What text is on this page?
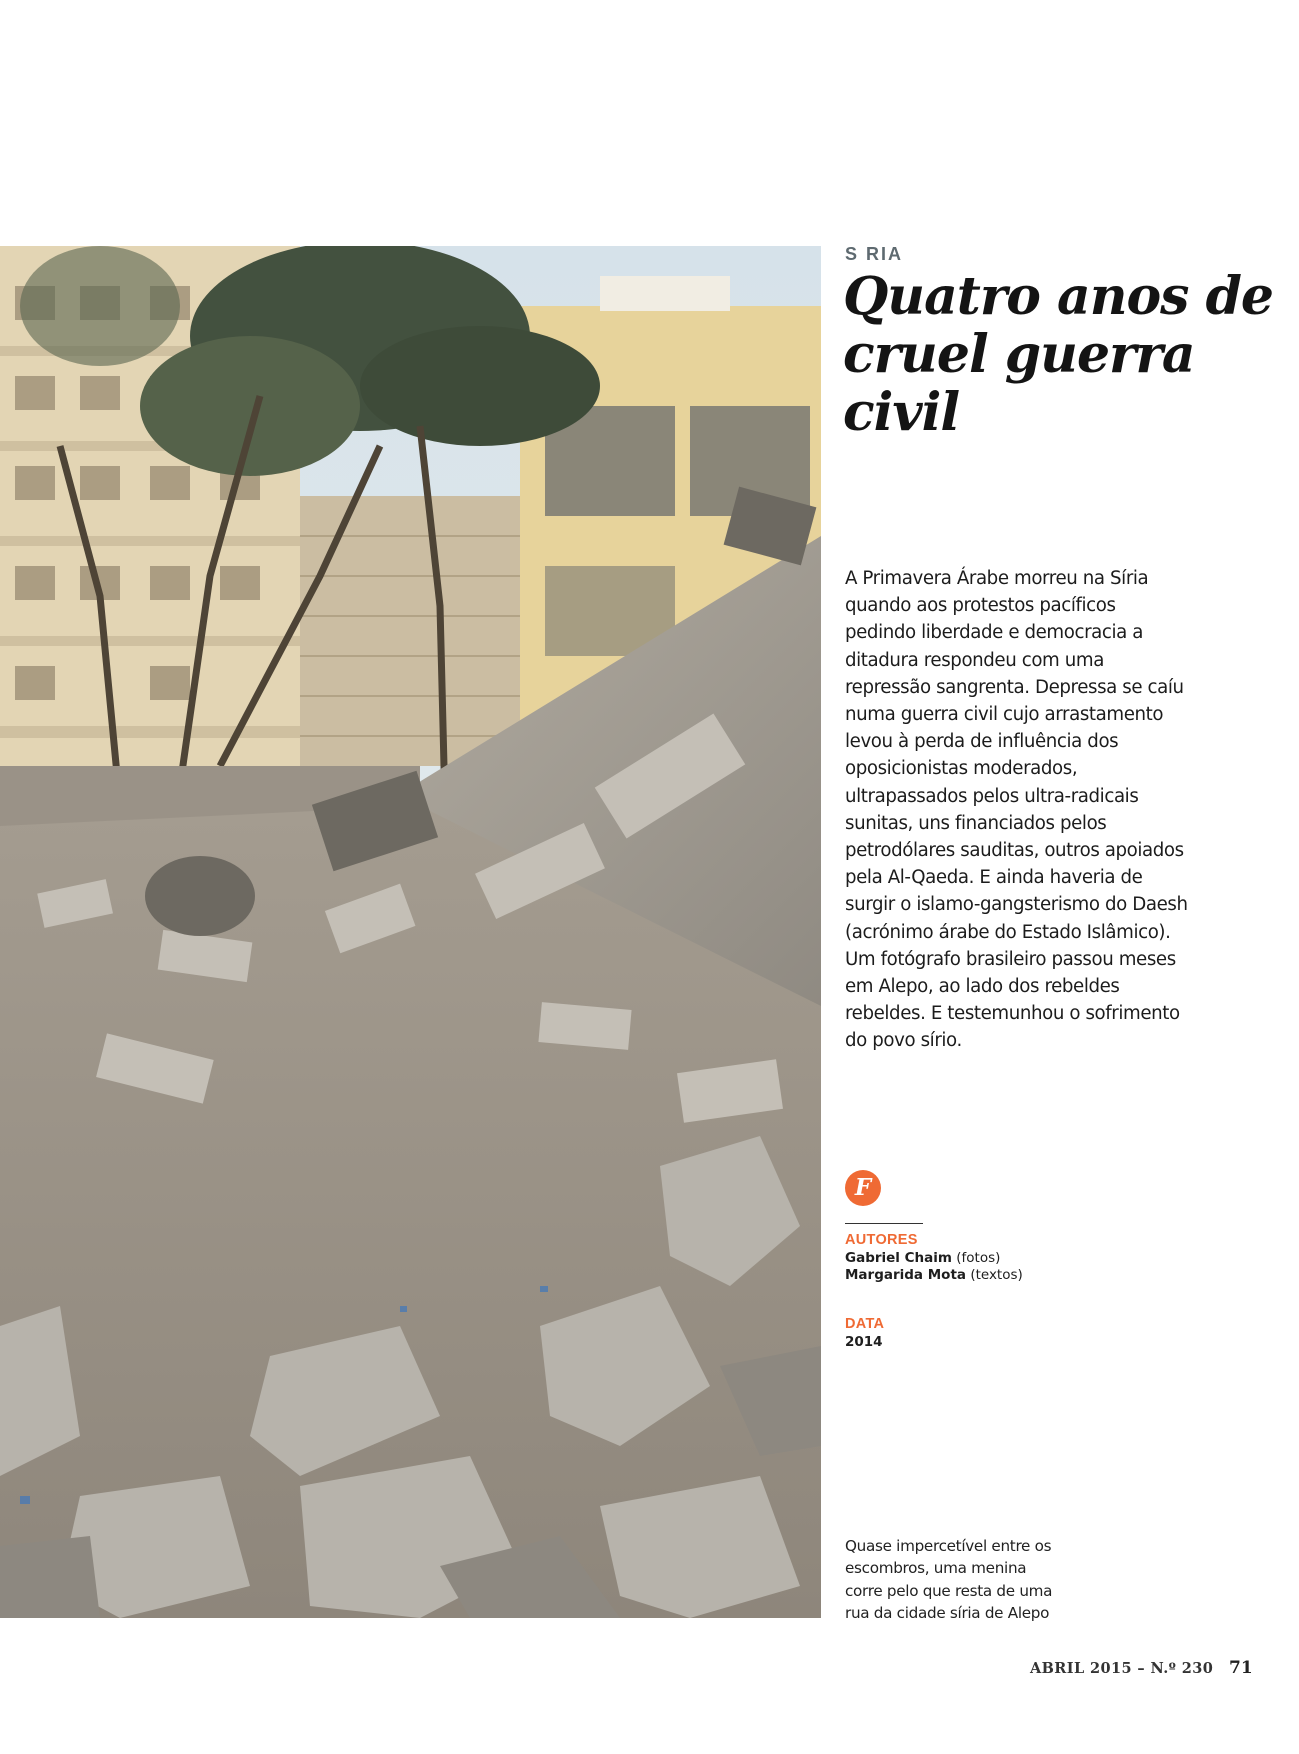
S RIA
Quatro anos de cruel guerra civil

A Primavera Árabe morreu na Síria quando aos protestos pacíficos pedindo liberdade e democracia a ditadura respondeu com uma repressão sangrenta. Depressa se caíu numa guerra civil cujo arrastamento levou à perda de influência dos oposicionistas moderados, ultrapassados pelos ultra-radicais sunitas, uns financiados pelos petrodólares sauditas, outros apoiados pela Al-Qaeda. E ainda haveria de surgir o islamo-gangsterismo do Daesh (acrónimo árabe do Estado Islâmico). Um fotógrafo brasileiro passou meses em Alepo, ao lado dos rebeldes rebeldes. E testemunhou o sofrimento do povo sírio.

F
AUTORES
Gabriel Chaim (fotos)
Margarida Mota (textos)
DATA
2014

Quase impercetível entre os escombros, uma menina corre pelo que resta de uma rua da cidade síria de Alepo

ABRIL 2015 – N.º 230 71
